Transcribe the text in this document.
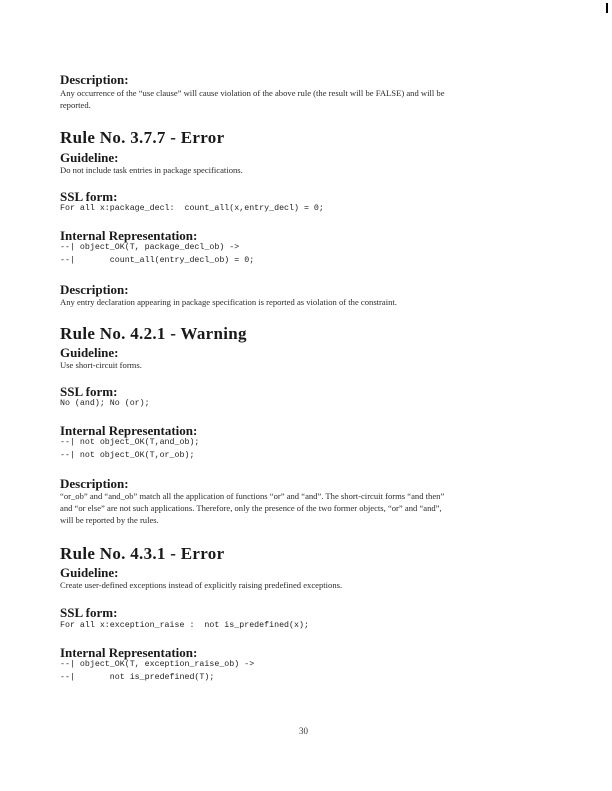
Description:
Any occurrence of the “use clause” will cause violation of the above rule (the result will be FALSE) and will be
reported.
Rule No. 3.7.7 - Error
Guideline:
Do not include task entries in package specifications.
SSL form:
For all x:package_decl:  count_all(x,entry_decl) = 0;
Internal Representation:
--| object_OK(T, package_decl_ob) ->
--|       count_all(entry_decl_ob) = 0;
Description:
Any entry declaration appearing in package specification is reported as violation of the constraint.
Rule No. 4.2.1 - Warning
Guideline:
Use short-circuit forms.
SSL form:
No (and); No (or);
Internal Representation:
--| not object_OK(T,and_ob);
--| not object_OK(T,or_ob);
Description:
“or_ob” and “and_ob” match all the application of functions “or” and “and”. The short-circuit forms “and then”
and “or else” are not such applications. Therefore, only the presence of the two former objects, “or” and “and”,
will be reported by the rules.
Rule No. 4.3.1 - Error
Guideline:
Create user-defined exceptions instead of explicitly raising predefined exceptions.
SSL form:
For all x:exception_raise :  not is_predefined(x);
Internal Representation:
--| object_OK(T, exception_raise_ob) ->
--|       not is_predefined(T);
30
